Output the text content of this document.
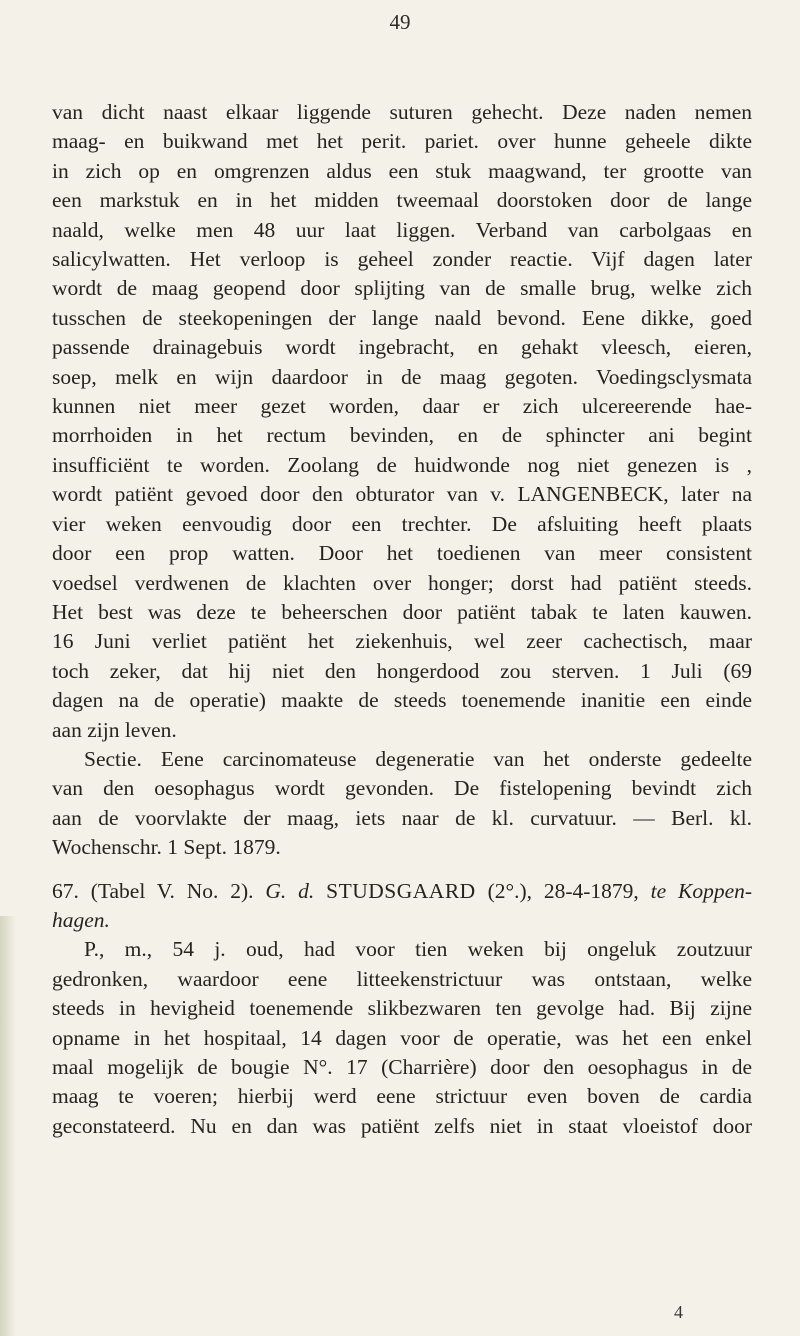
49
van dicht naast elkaar liggende suturen gehecht. Deze naden nemen
maag- en buikwand met het perit. pariet. over hunne geheele dikte
in zich op en omgrenzen aldus een stuk maagwand, ter grootte van
een markstuk en in het midden tweemaal doorstoken door de lange
naald, welke men 48 uur laat liggen. Verband van carbolgaas en
salicylwatten. Het verloop is geheel zonder reactie. Vijf dagen later
wordt de maag geopend door splijting van de smalle brug, welke zich
tusschen de steekopeningen der lange naald bevond. Eene dikke, goed
passende drainagebuis wordt ingebracht, en gehakt vleesch, eieren,
soep, melk en wijn daardoor in de maag gegoten. Voedingsclysmata
kunnen niet meer gezet worden, daar er zich ulcereerende hae-
morrhoiden in het rectum bevinden, en de sphincter ani begint
insufficiënt te worden. Zoolang de huidwonde nog niet genezen is ,
wordt patiënt gevoed door den obturator van v. LANGENBECK, later na
vier weken eenvoudig door een trechter. De afsluiting heeft plaats
door een prop watten. Door het toedienen van meer consistent
voedsel verdwenen de klachten over honger; dorst had patiënt steeds.
Het best was deze te beheerschen door patiënt tabak te laten kauwen.
16 Juni verliet patiënt het ziekenhuis, wel zeer cachectisch, maar
toch zeker, dat hij niet den hongerdood zou sterven. 1 Juli (69
dagen na de operatie) maakte de steeds toenemende inanitie een einde
aan zijn leven.
Sectie. Eene carcinomateuse degeneratie van het onderste gedeelte
van den oesophagus wordt gevonden. De fistelopening bevindt zich
aan de voorvlakte der maag, iets naar de kl. curvatuur. — Berl. kl.
Wochenschr. 1 Sept. 1879.
67. (Tabel V. No. 2). G. d. STUDSGAARD (2°.), 28-4-1879, te Koppen-
hagen.
P., m., 54 j. oud, had voor tien weken bij ongeluk zoutzuur
gedronken, waardoor eene litteekenstrictuur was ontstaan, welke
steeds in hevigheid toenemende slikbezwaren ten gevolge had. Bij zijne
opname in het hospitaal, 14 dagen voor de operatie, was het een enkel
maal mogelijk de bougie N°. 17 (Charrière) door den oesophagus in de
maag te voeren; hierbij werd eene strictuur even boven de cardia
geconstateerd. Nu en dan was patiënt zelfs niet in staat vloeistof door
4
